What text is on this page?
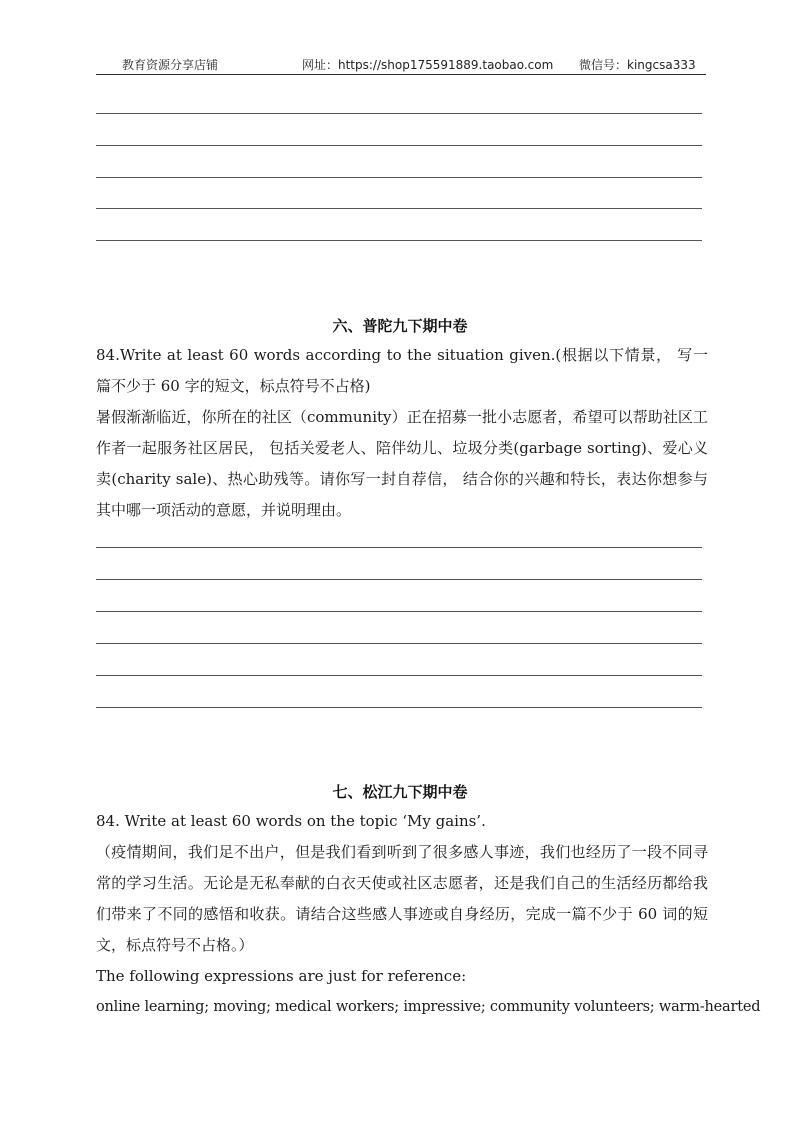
教育资源分享店铺	网址：https://shop175591889.taobao.com 微信号：kingcsa333
六、普陀九下期中卷

84.Write at least 60 words according to the situation given.(根据以下情景， 写一篇不少于 60 字的短文，标点符号不占格)

暑假渐渐临近，你所在的社区（community）正在招募一批小志愿者，希望可以帮助社区工作者一起服务社区居民， 包括关爱老人、陪伴幼儿、垃圾分类(garbage sorting)、爱心义 卖(charity sale)、热心助残等。请你写一封自荐信， 结合你的兴趣和特长，表达你想参与其中哪一项活动的意愿，并说明理由。

七、松江九下期中卷

84. Write at least 60 words on the topic ‘My gains’.

（疫情期间，我们足不出户，但是我们看到听到了很多感人事迹，我们也经历了一段不同寻常的学习生活。无论是无私奉献的白衣天使或社区志愿者，还是我们自己的生活经历都给我们带来了不同的感悟和收获。请结合这些感人事迹或自身经历，完成一篇不少于 60 词的短文，标点符号不占格。）

The following expressions are just for reference:

online learning; moving; medical workers; impressive; community volunteers; warm-hearted
